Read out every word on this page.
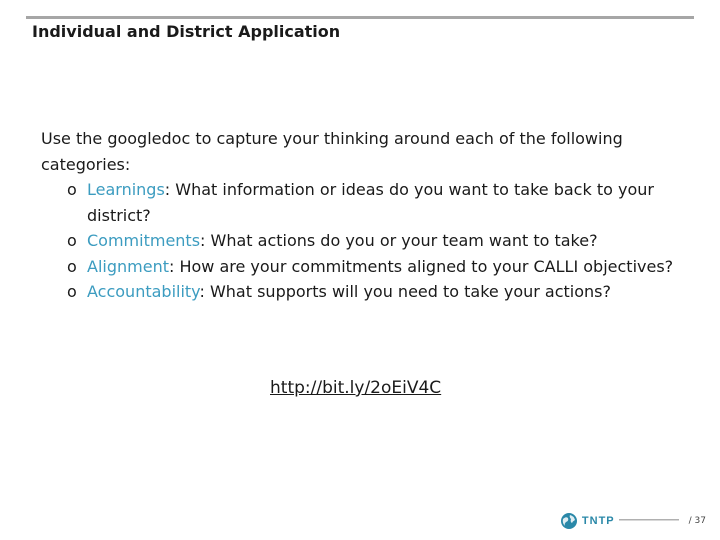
Individual and District Application
Use the googledoc to capture your thinking around each of the following categories:
o Learnings: What information or ideas do you want to take back to your district?
o Commitments: What actions do you or your team want to take?
o Alignment: How are your commitments aligned to your CALLI objectives?
o Accountability: What supports will you need to take your actions?
http://bit.ly/2oEiV4C
TNTP	/ 37
